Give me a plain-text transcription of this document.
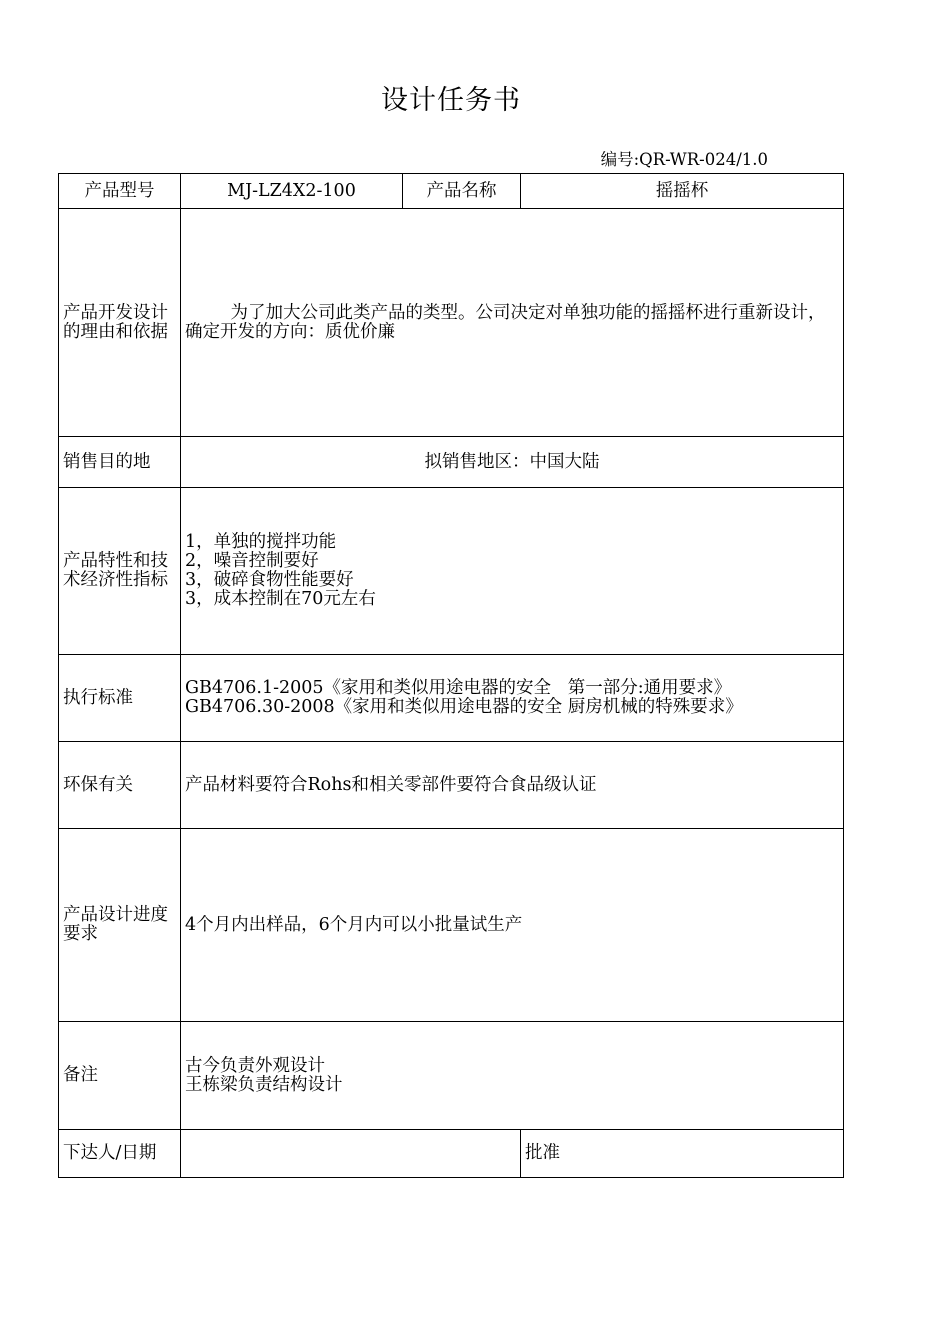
设计任务书
编号:QR-WR-024/1.0
产品型号	MJ-LZ4X2-100	产品名称	摇摇杯
产品开发设计的理由和依据	为了加大公司此类产品的类型。公司决定对单独功能的摇摇杯进行重新设计，确定开发的方向：质优价廉		
销售目的地	拟销售地区：中国大陆		
产品特性和技术经济性指标	1，单独的搅拌功能
2，噪音控制要好
3，破碎食物性能要好
3，成本控制在70元左右		

执行标准	GB4706.1-2005《家用和类似用途电器的安全   第一部分:通用要求》
GB4706.30-2008《家用和类似用途电器的安全 厨房机械的特殊要求》		

环保有关	产品材料要符合Rohs和相关零部件要符合食品级认证		
产品设计进度要求	4个月内出样品，6个月内可以小批量试生产		
备注	古今负责外观设计
王栋梁负责结构设计		

下达人/日期			批准
